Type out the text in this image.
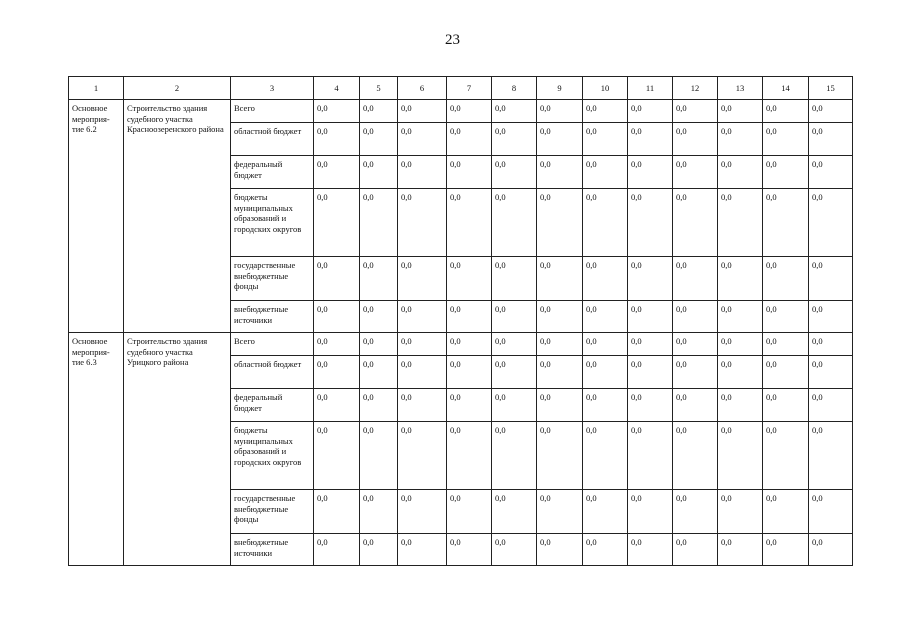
23
1	2	3	4	5	6	7	8	9	10	11	12	13	14	15
Основное мероприя-тие 6.2	Строительство здания судебного участка Красноозеренского района	Всего	0,0	0,0	0,0	0,0	0,0	0,0	0,0	0,0	0,0	0,0	0,0	0,0
		областной бюджет	0,0	0,0	0,0	0,0	0,0	0,0	0,0	0,0	0,0	0,0	0,0	0,0
		федеральный бюджет	0,0	0,0	0,0	0,0	0,0	0,0	0,0	0,0	0,0	0,0	0,0	0,0
		бюджеты муниципальных образований и городских округов	0,0	0,0	0,0	0,0	0,0	0,0	0,0	0,0	0,0	0,0	0,0	0,0
		государственные внебюджетные фонды	0,0	0,0	0,0	0,0	0,0	0,0	0,0	0,0	0,0	0,0	0,0	0,0
		внебюджетные источники	0,0	0,0	0,0	0,0	0,0	0,0	0,0	0,0	0,0	0,0	0,0	0,0
Основное мероприя-тие 6.3	Строительство здания судебного участка Урицкого района	Всего	0,0	0,0	0,0	0,0	0,0	0,0	0,0	0,0	0,0	0,0	0,0	0,0
		областной бюджет	0,0	0,0	0,0	0,0	0,0	0,0	0,0	0,0	0,0	0,0	0,0	0,0
		федеральный бюджет	0,0	0,0	0,0	0,0	0,0	0,0	0,0	0,0	0,0	0,0	0,0	0,0
		бюджеты муниципальных образований и городских округов	0,0	0,0	0,0	0,0	0,0	0,0	0,0	0,0	0,0	0,0	0,0	0,0
		государственные внебюджетные фонды	0,0	0,0	0,0	0,0	0,0	0,0	0,0	0,0	0,0	0,0	0,0	0,0
		внебюджетные источники	0,0	0,0	0,0	0,0	0,0	0,0	0,0	0,0	0,0	0,0	0,0	0,0
